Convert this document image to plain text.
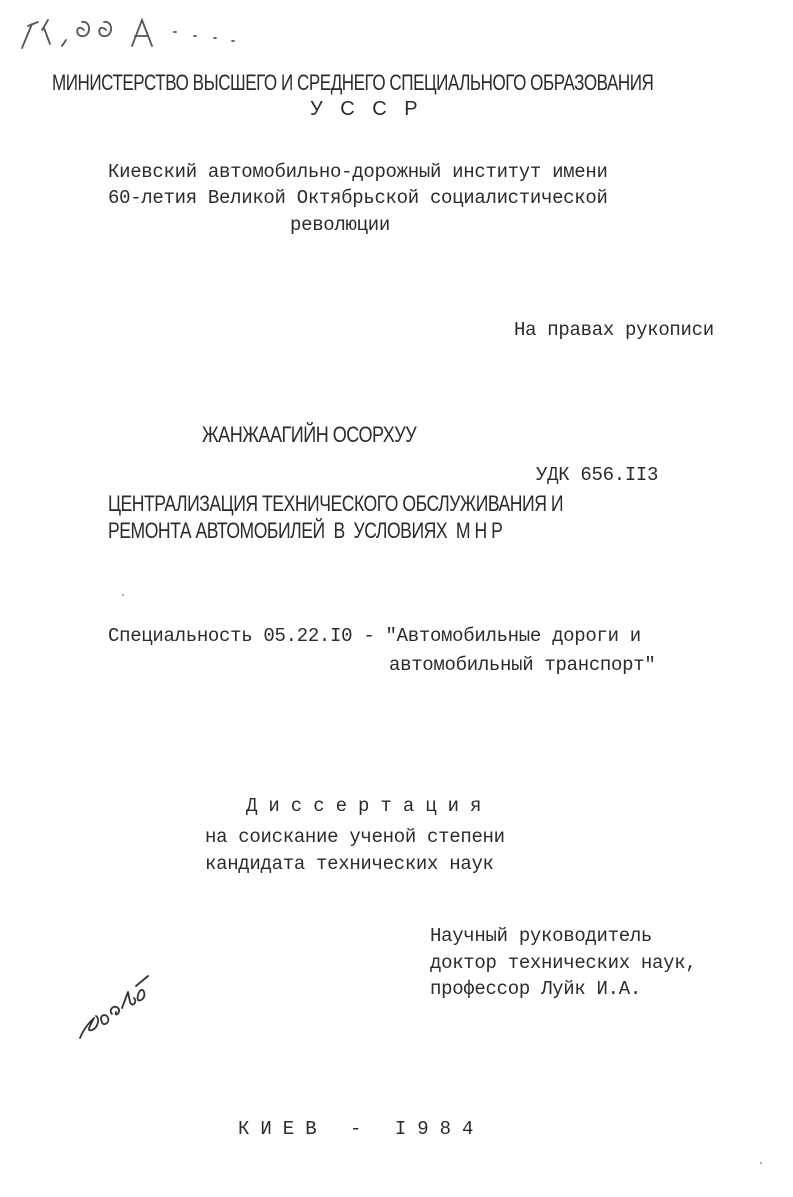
МИНИСТЕРСТВО ВЫСШЕГО И СРЕДНЕГО СПЕЦИАЛЬНОГО ОБРАЗОВАНИЯ
У С С Р
Киевский автомобильно-дорожный институт имени
60-летия Великой Октябрьской социалистической
революции
На правах рукописи
ЖАНЖААГИЙН ОСОРХУУ
УДК 656.II3
ЦЕНТРАЛИЗАЦИЯ ТЕХНИЧЕСКОГО ОБСЛУЖИВАНИЯ И
РЕМОНТА АВТОМОБИЛЕЙ  В  УСЛОВИЯХ  М Н Р
Специальность 05.22.I0 - "Автомобильные дороги и
автомобильный транспорт"
Диссертация
на соискание ученой степени
кандидата технических наук
Научный руководитель
доктор технических наук,
профессор Луйк И.А.
КИЕВ - I984
